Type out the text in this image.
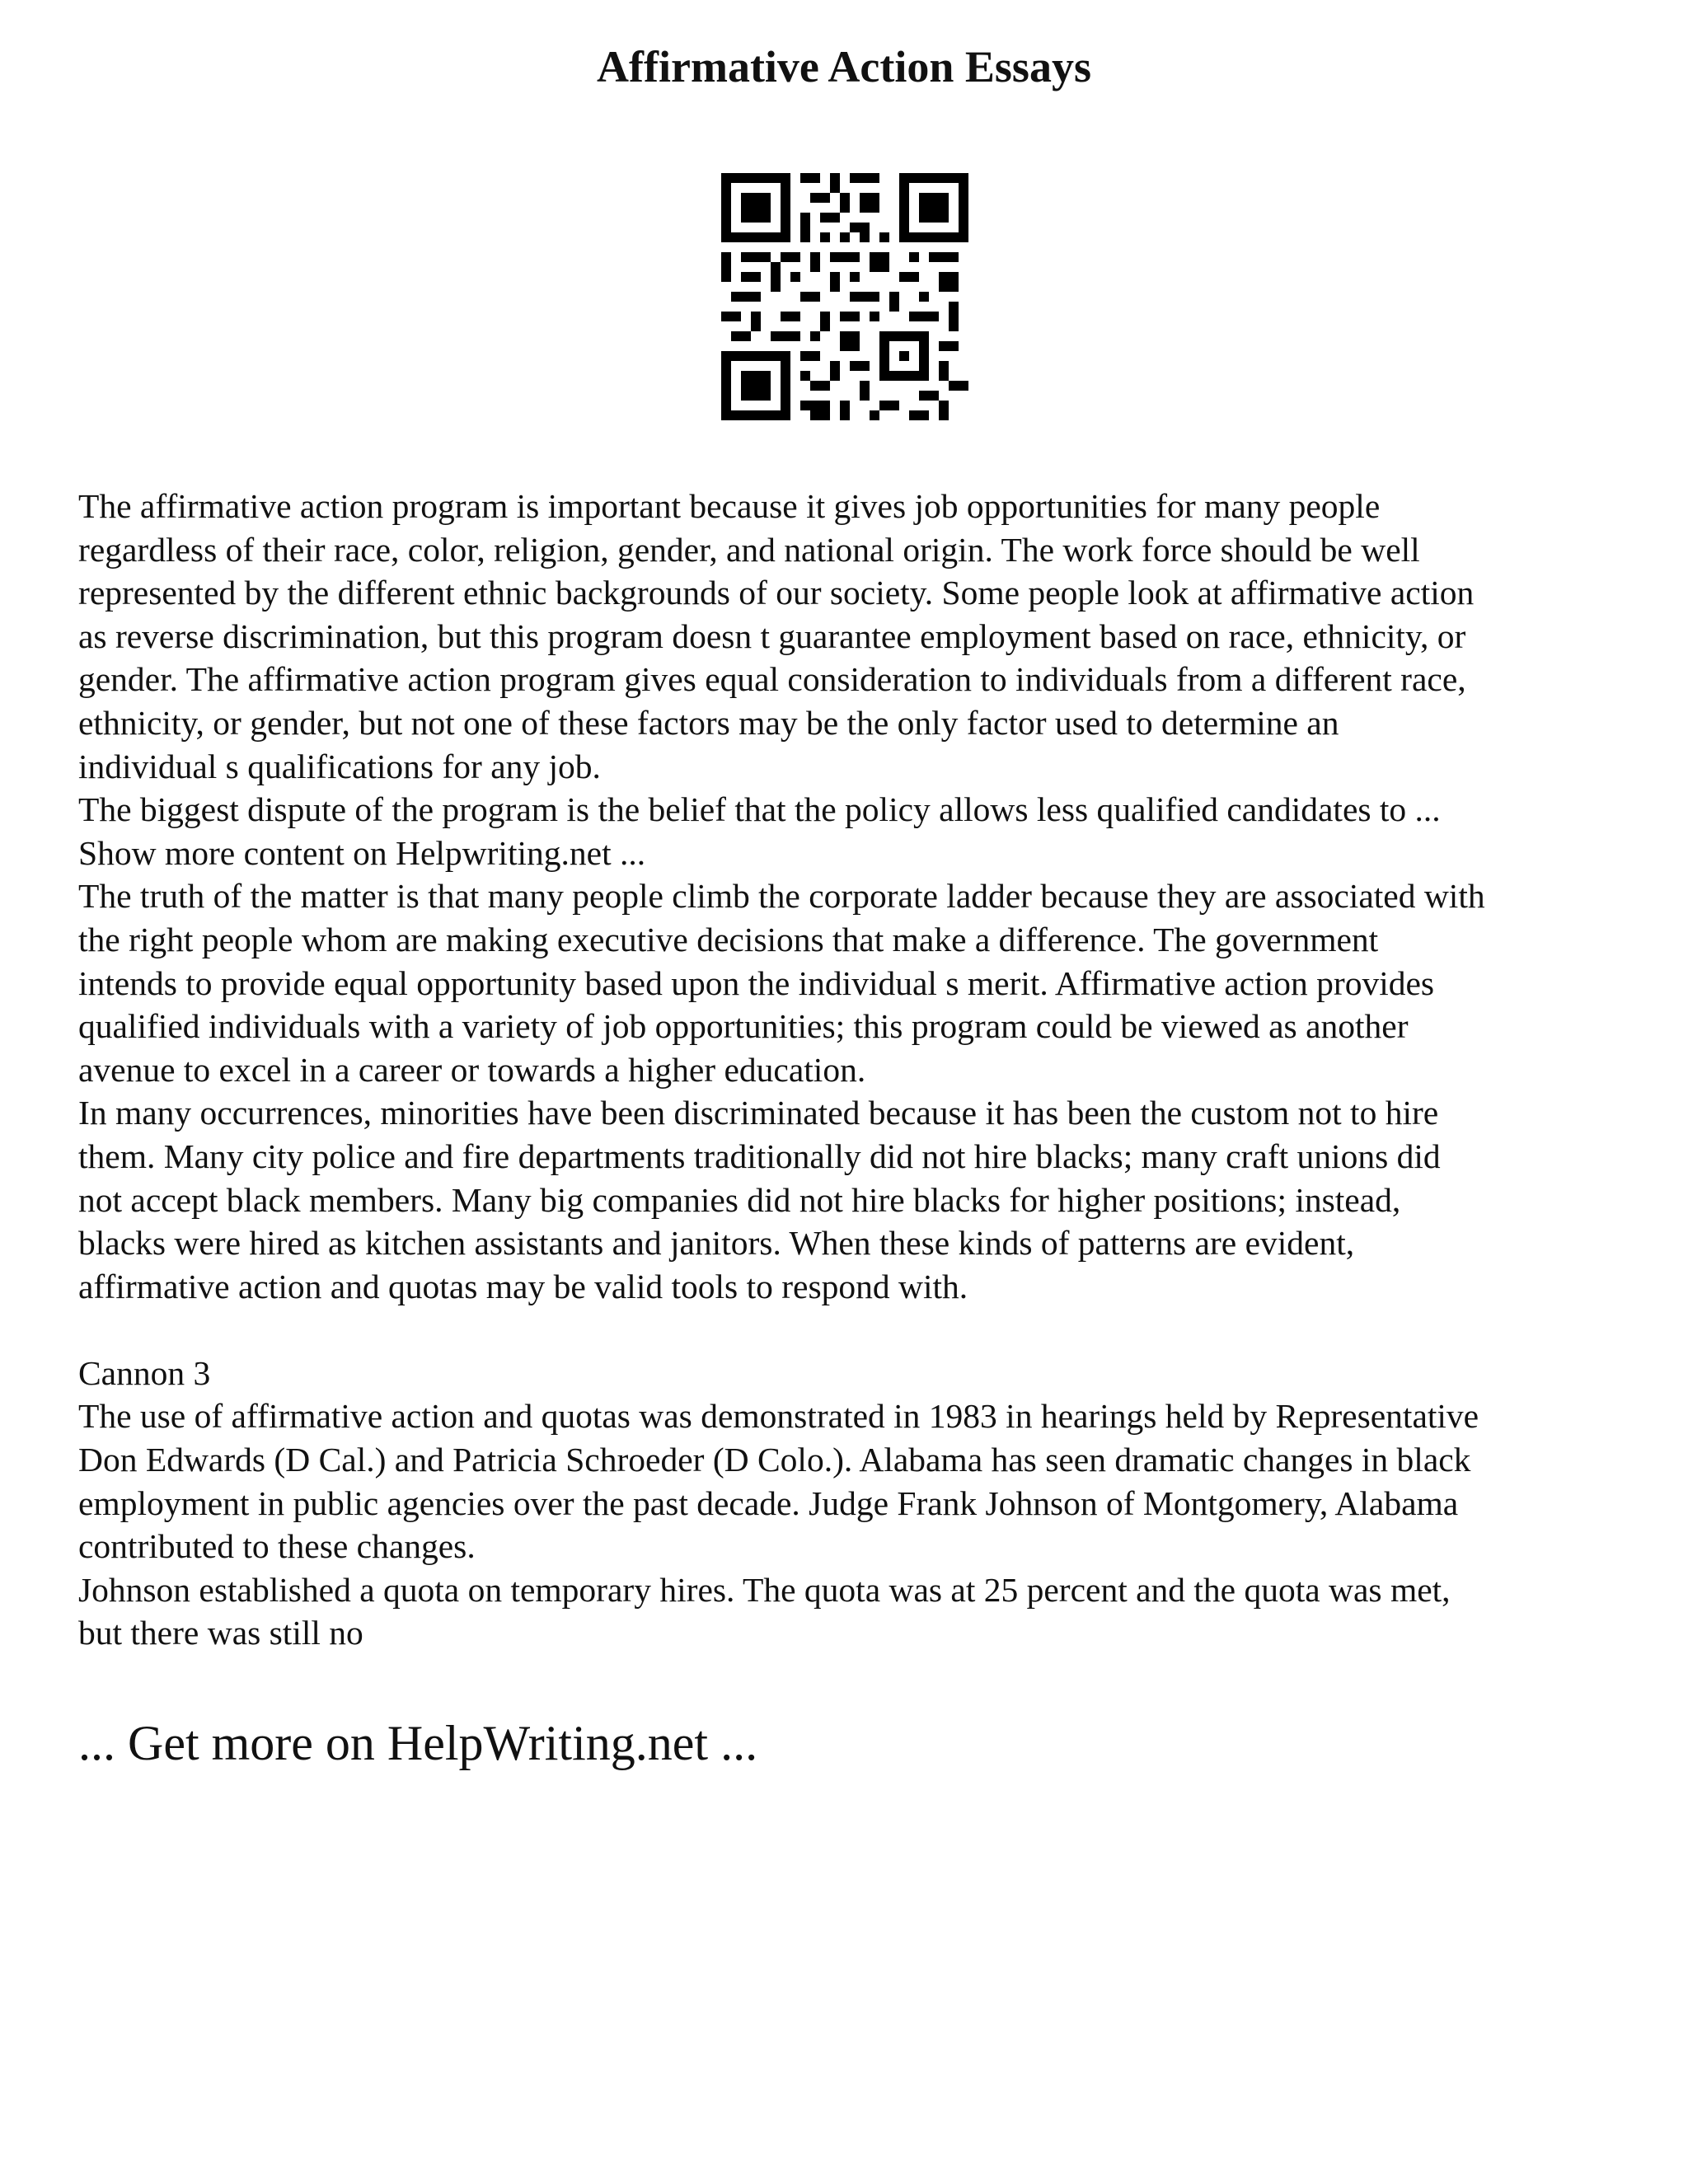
Affirmative Action Essays

The affirmative action program is important because it gives job opportunities for many people
regardless of their race, color, religion, gender, and national origin. The work force should be well
represented by the different ethnic backgrounds of our society. Some people look at affirmative action
as reverse discrimination, but this program doesn t guarantee employment based on race, ethnicity, or
gender. The affirmative action program gives equal consideration to individuals from a different race,
ethnicity, or gender, but not one of these factors may be the only factor used to determine an
individual s qualifications for any job.

The biggest dispute of the program is the belief that the policy allows less qualified candidates to ...

Show more content on Helpwriting.net ...

The truth of the matter is that many people climb the corporate ladder because they are associated with
the right people whom are making executive decisions that make a difference. The government
intends to provide equal opportunity based upon the individual s merit. Affirmative action provides
qualified individuals with a variety of job opportunities; this program could be viewed as another
avenue to excel in a career or towards a higher education.

In many occurrences, minorities have been discriminated because it has been the custom not to hire
them. Many city police and fire departments traditionally did not hire blacks; many craft unions did
not accept black members. Many big companies did not hire blacks for higher positions; instead,
blacks were hired as kitchen assistants and janitors. When these kinds of patterns are evident,
affirmative action and quotas may be valid tools to respond with.

Cannon 3

The use of affirmative action and quotas was demonstrated in 1983 in hearings held by Representative
Don Edwards (D Cal.) and Patricia Schroeder (D Colo.). Alabama has seen dramatic changes in black
employment in public agencies over the past decade. Judge Frank Johnson of Montgomery, Alabama
contributed to these changes.

Johnson established a quota on temporary hires. The quota was at 25 percent and the quota was met,
but there was still no

... Get more on HelpWriting.net ...
